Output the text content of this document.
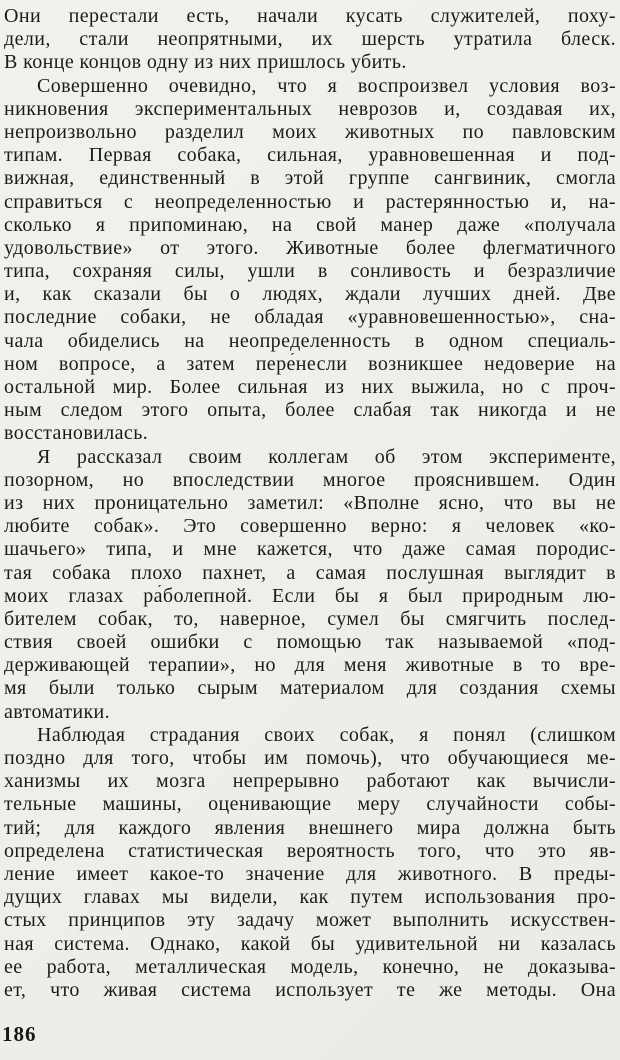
Они перестали есть, начали кусать служителей, поху-
дели, стали неопрятными, их шерсть утратила блеск.
В конце концов одну из них пришлось убить.
Совершенно очевидно, что я воспроизвел условия воз-
никновения экспериментальных неврозов и, создавая их,
непроизвольно разделил моих животных по павловским
типам. Первая собака, сильная, уравновешенная и под-
вижная, единственный в этой группе сангвиник, смогла
справиться с неопределенностью и растерянностью и, на-
сколько я припоминаю, на свой манер даже «получала
удовольствие» от этого. Животные более флегматичного
типа, сохраняя силы, ушли в сонливость и безразличие
и, как сказали бы о людях, ждали лучших дней. Две
последние собаки, не обладая «уравновешенностью», сна-
чала обиделись на неопределенность в одном специаль-
ном вопросе, а затем пере́несли возникшее недоверие на
остальной мир. Более сильная из них выжила, но с проч-
ным следом этого опыта, более слабая так никогда и не
восстановилась.
Я рассказал своим коллегам об этом эксперименте,
позорном, но впоследствии многое прояснившем. Один
из них проницательно заметил: «Вполне ясно, что вы не
любите собак». Это совершенно верно: я человек «ко-
шачьего» типа, и мне кажется, что даже самая породис-
тая собака плохо пахнет, а самая послушная выглядит в
моих глазах ра́болепной. Если бы я был природным лю-
бителем собак, то, наверное, сумел бы смягчить послед-
ствия своей ошибки с помощью так называемой «под-
держивающей терапии», но для меня животные в то вре-
мя были только сырым материалом для создания схемы
автоматики.
Наблюдая страдания своих собак, я понял (слишком
поздно для того, чтобы им помочь), что обучающиеся ме-
ханизмы их мозга непрерывно работают как вычисли-
тельные машины, оценивающие меру случайности собы-
тий; для каждого явления внешнего мира должна быть
определена статистическая вероятность того, что это яв-
ление имеет какое-то значение для животного. В преды-
дущих главах мы видели, как путем использования про-
стых принципов эту задачу может выполнить искусствен-
ная система. Однако, какой бы удивительной ни казалась
ее работа, металлическая модель, конечно, не доказыва-
ет, что живая система использует те же методы. Она
186
